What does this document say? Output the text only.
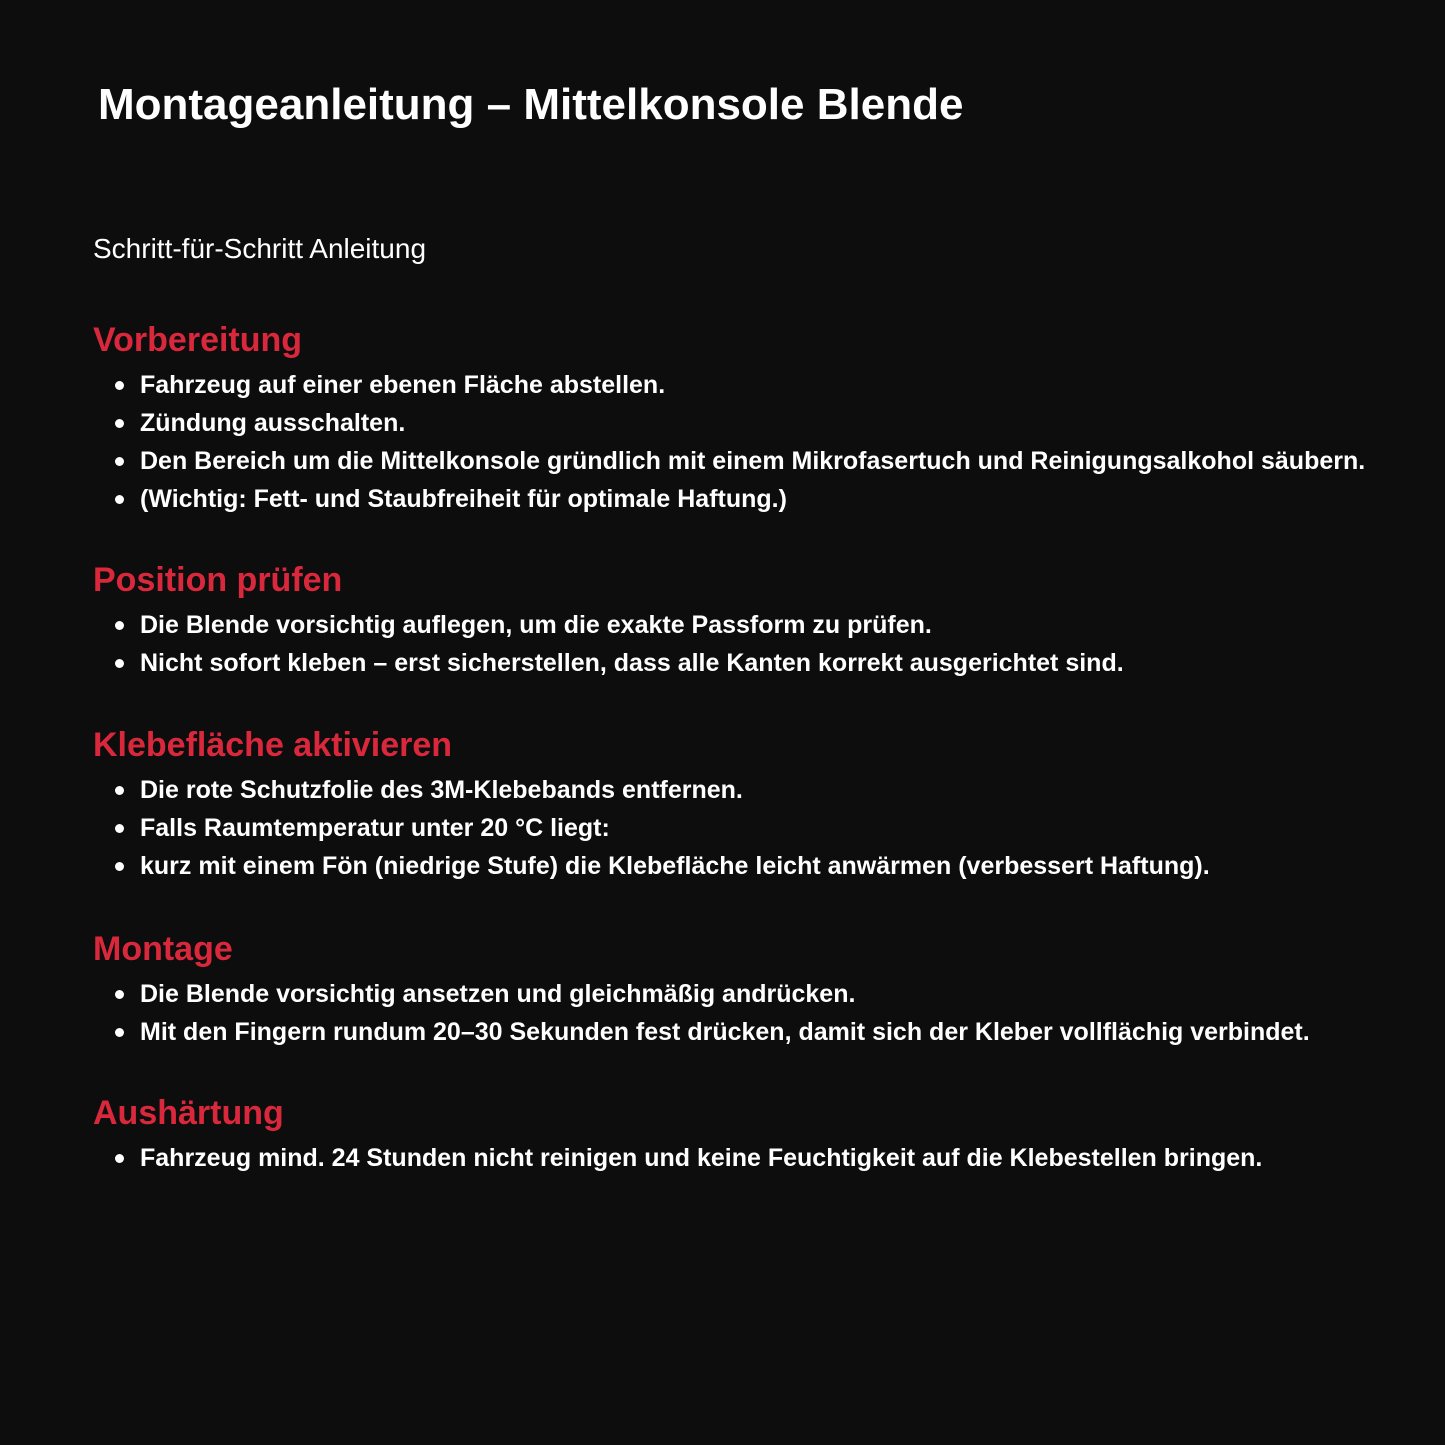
Montageanleitung – Mittelkonsole Blende
Schritt-für-Schritt Anleitung
Vorbereitung
Fahrzeug auf einer ebenen Fläche abstellen.
Zündung ausschalten.
Den Bereich um die Mittelkonsole gründlich mit einem Mikrofasertuch und Reinigungsalkohol säubern.
(Wichtig: Fett- und Staubfreiheit für optimale Haftung.)
Position prüfen
Die Blende vorsichtig auflegen, um die exakte Passform zu prüfen.
Nicht sofort kleben – erst sicherstellen, dass alle Kanten korrekt ausgerichtet sind.
Klebefläche aktivieren
Die rote Schutzfolie des 3M-Klebebands entfernen.
Falls Raumtemperatur unter 20 °C liegt:
kurz mit einem Fön (niedrige Stufe) die Klebefläche leicht anwärmen (verbessert Haftung).
Montage
Die Blende vorsichtig ansetzen und gleichmäßig andrücken.
Mit den Fingern rundum 20–30 Sekunden fest drücken, damit sich der Kleber vollflächig verbindet.
Aushärtung
Fahrzeug mind. 24 Stunden nicht reinigen und keine Feuchtigkeit auf die Klebestellen bringen.
